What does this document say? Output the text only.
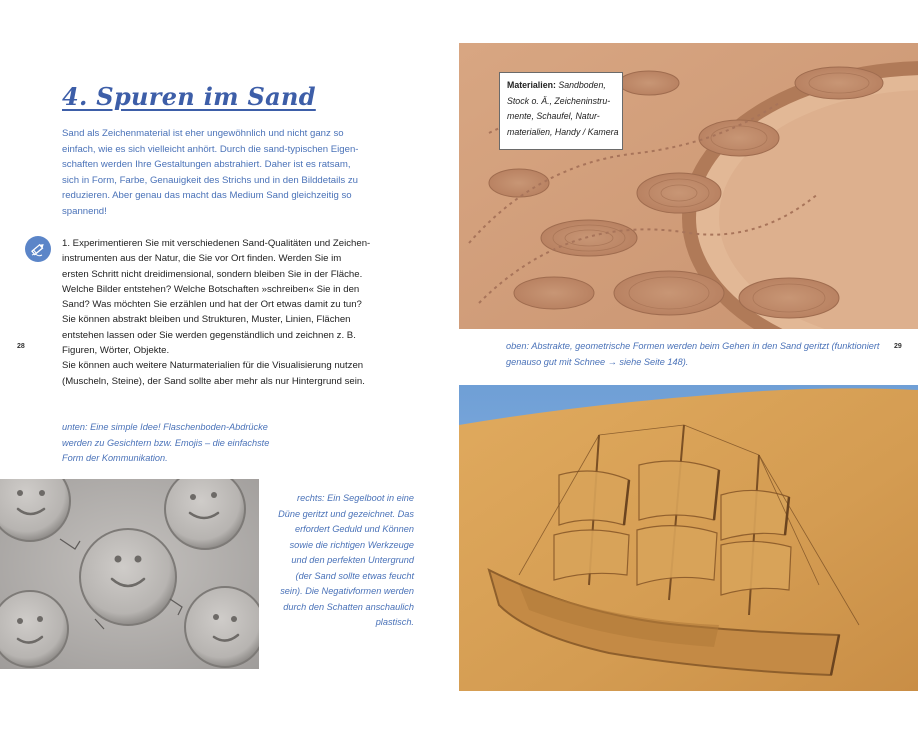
4. Spuren im Sand
Sand als Zeichenmaterial ist eher ungewöhnlich und nicht ganz so
einfach, wie es sich vielleicht anhört. Durch die sand-typischen Eigen-
schaften werden Ihre Gestaltungen abstrahiert. Daher ist es ratsam,
sich in Form, Farbe, Genauigkeit des Strichs und in den Bilddetails zu
reduzieren. Aber genau das macht das Medium Sand gleichzeitig so
spannend!
1. Experimentieren Sie mit verschiedenen Sand-Qualitäten und Zeichen-
instrumenten aus der Natur, die Sie vor Ort finden. Werden Sie im
ersten Schritt nicht dreidimensional, sondern bleiben Sie in der Fläche.
Welche Bilder entstehen? Welche Botschaften »schreiben« Sie in den
Sand? Was möchten Sie erzählen und hat der Ort etwas damit zu tun?
Sie können abstrakt bleiben und Strukturen, Muster, Linien, Flächen
entstehen lassen oder Sie werden gegenständlich und zeichnen z. B.
Figuren, Wörter, Objekte.
Sie können auch weitere Naturmaterialien für die Visualisierung nutzen
(Muscheln, Steine), der Sand sollte aber mehr als nur Hintergrund sein.
28
unten: Eine simple Idee! Flaschenboden-Abdrücke
werden zu Gesichtern bzw. Emojis – die einfachste
Form der Kommunikation.
rechts: Ein Segelboot in eine
Düne geritzt und gezeichnet. Das
erfordert Geduld und Können
sowie die richtigen Werkzeuge
und den perfekten Untergrund
(der Sand sollte etwas feucht
sein). Die Negativformen werden
durch den Schatten anschaulich
plastisch.
Materialien: Sandboden,
Stock o. Ä., Zeicheninstru-
mente, Schaufel, Natur-
materialien, Handy / Kamera
oben: Abstrakte, geometrische Formen werden beim Gehen in den Sand geritzt (funktioniert
genauso gut mit Schnee → siehe Seite 148).
29
